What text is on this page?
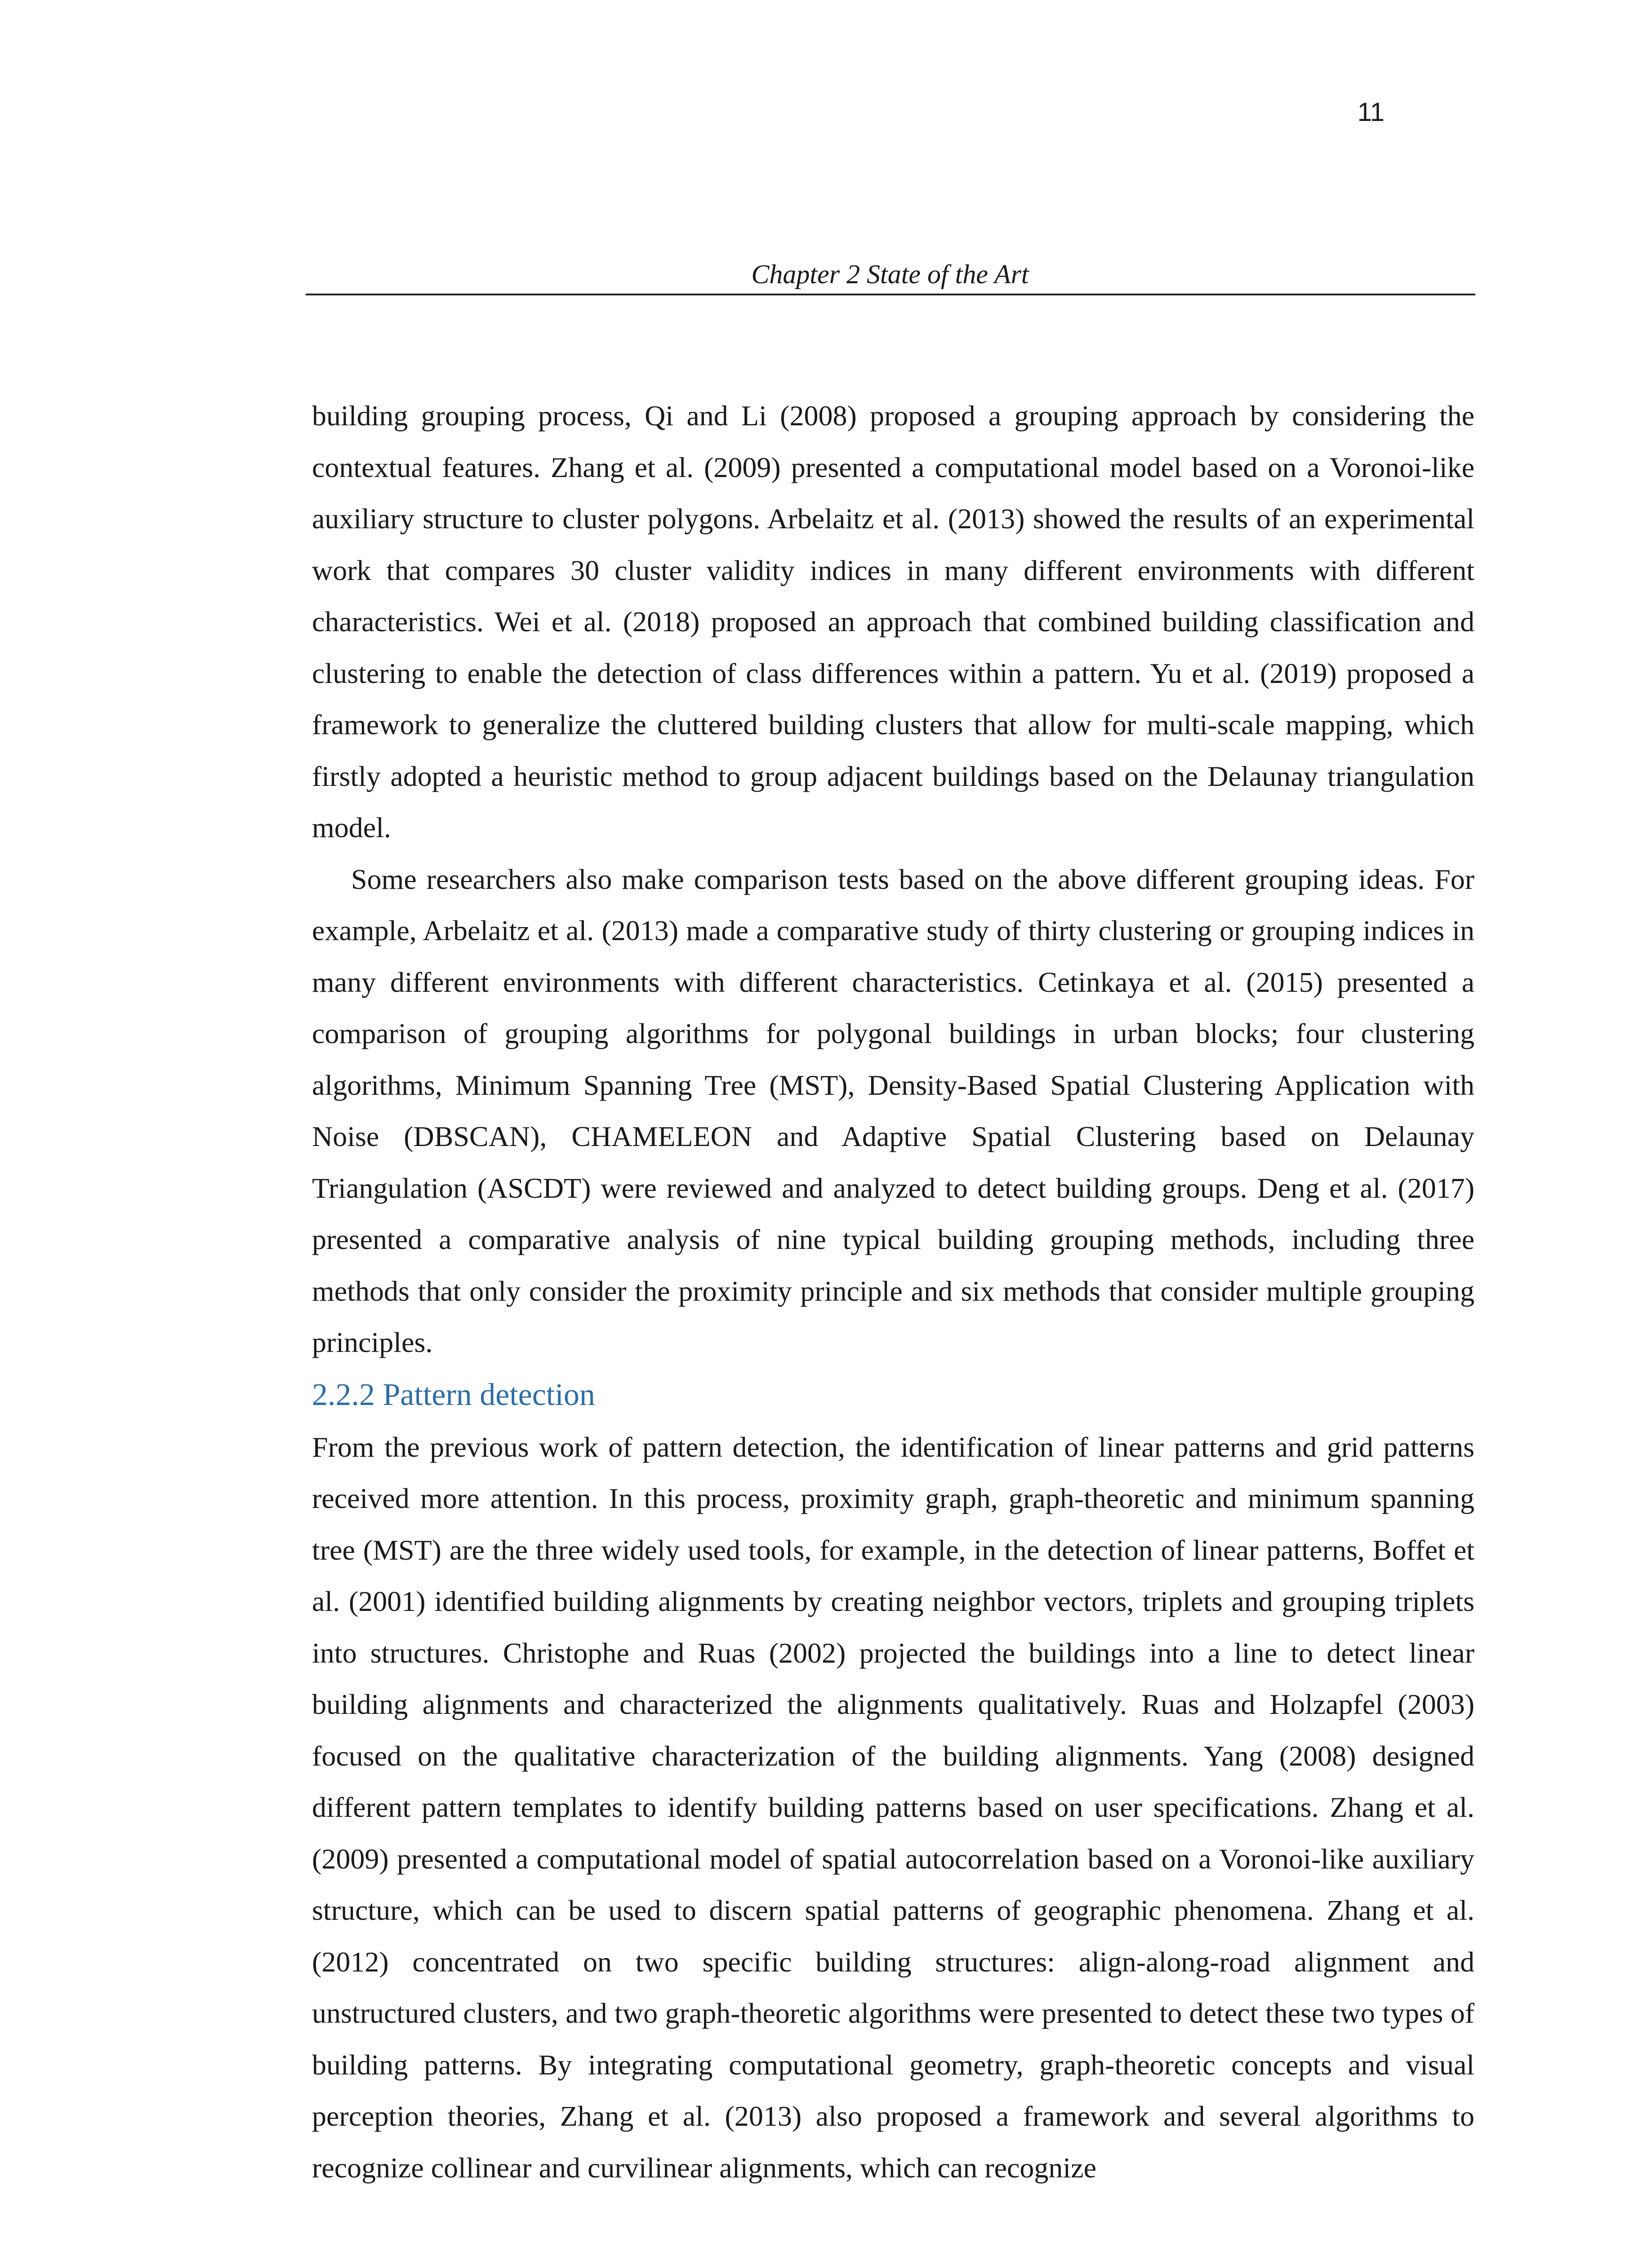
11
Chapter 2 State of the Art

building grouping process, Qi and Li (2008) proposed a grouping approach by considering the contextual features. Zhang et al. (2009) presented a computational model based on a Voronoi-like auxiliary structure to cluster polygons. Arbelaitz et al. (2013) showed the results of an experimental work that compares 30 cluster validity indices in many different environments with different characteristics. Wei et al. (2018) proposed an approach that combined building classification and clustering to enable the detection of class differences within a pattern. Yu et al. (2019) proposed a framework to generalize the cluttered building clusters that allow for multi-scale mapping, which firstly adopted a heuristic method to group adjacent buildings based on the Delaunay triangulation model.

Some researchers also make comparison tests based on the above different grouping ideas. For example, Arbelaitz et al. (2013) made a comparative study of thirty clustering or grouping indices in many different environments with different characteristics. Cetinkaya et al. (2015) presented a comparison of grouping algorithms for polygonal buildings in urban blocks; four clustering algorithms, Minimum Spanning Tree (MST), Density-Based Spatial Clustering Application with Noise (DBSCAN), CHAMELEON and Adaptive Spatial Clustering based on Delaunay Triangulation (ASCDT) were reviewed and analyzed to detect building groups. Deng et al. (2017) presented a comparative analysis of nine typical building grouping methods, including three methods that only consider the proximity principle and six methods that consider multiple grouping principles.

2.2.2 Pattern detection

From the previous work of pattern detection, the identification of linear patterns and grid patterns received more attention. In this process, proximity graph, graph-theoretic and minimum spanning tree (MST) are the three widely used tools, for example, in the detection of linear patterns, Boffet et al. (2001) identified building alignments by creating neighbor vectors, triplets and grouping triplets into structures. Christophe and Ruas (2002) projected the buildings into a line to detect linear building alignments and characterized the alignments qualitatively. Ruas and Holzapfel (2003) focused on the qualitative characterization of the building alignments. Yang (2008) designed different pattern templates to identify building patterns based on user specifications. Zhang et al. (2009) presented a computational model of spatial autocorrelation based on a Voronoi-like auxiliary structure, which can be used to discern spatial patterns of geographic phenomena. Zhang et al. (2012) concentrated on two specific building structures: align-along-road alignment and unstructured clusters, and two graph-theoretic algorithms were presented to detect these two types of building patterns. By integrating computational geometry, graph-theoretic concepts and visual perception theories, Zhang et al. (2013) also proposed a framework and several algorithms to recognize collinear and curvilinear alignments, which can recognize
